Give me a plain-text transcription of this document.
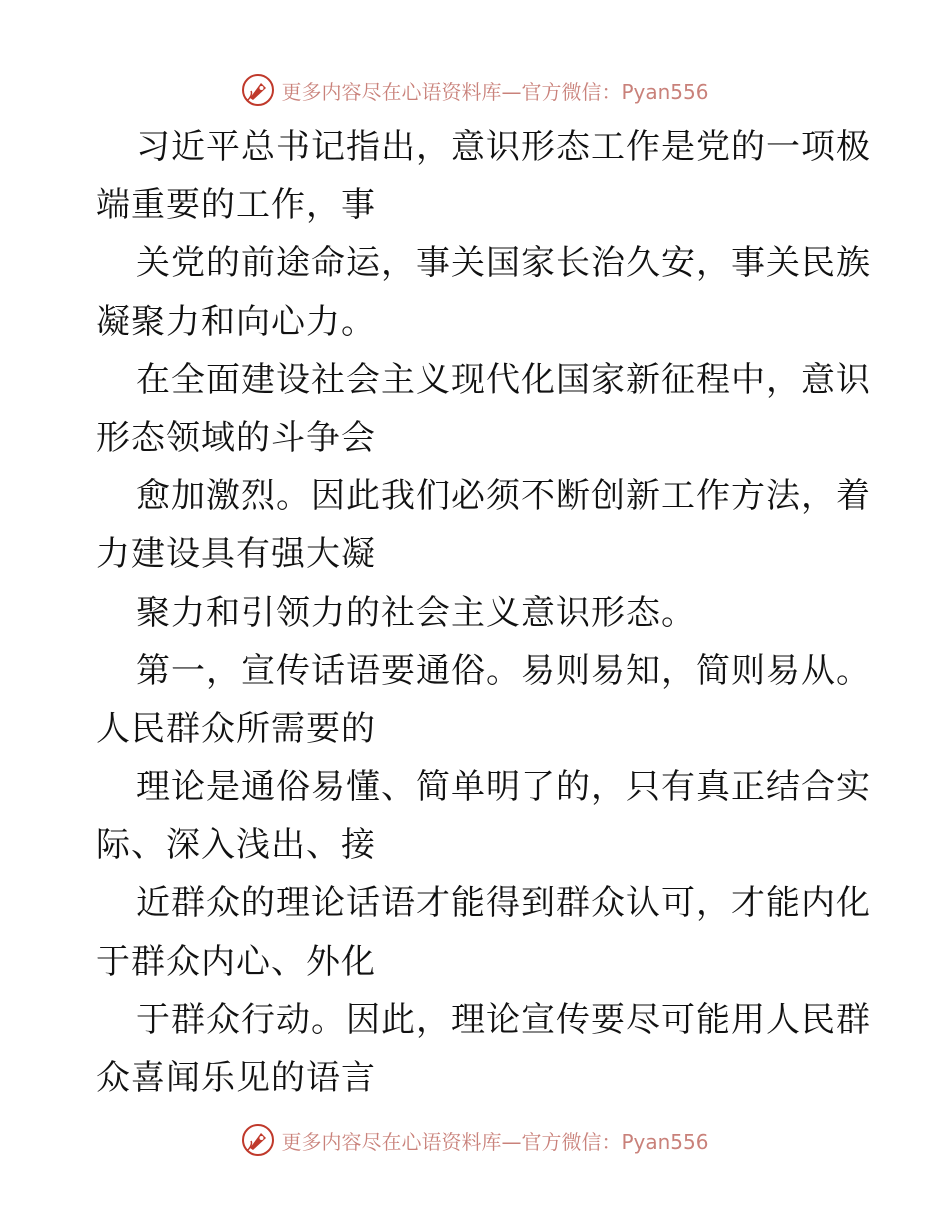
更多内容尽在心语资料库—官方微信：Pyan556
习近平总书记指出，意识形态工作是党的一项极
端重要的工作，事
关党的前途命运，事关国家长治久安，事关民族
凝聚力和向心力。
在全面建设社会主义现代化国家新征程中，意识
形态领域的斗争会
愈加激烈。因此我们必须不断创新工作方法，着
力建设具有强大凝
聚力和引领力的社会主义意识形态。
第一，宣传话语要通俗。易则易知，简则易从。
人民群众所需要的
理论是通俗易懂、简单明了的，只有真正结合实
际、深入浅出、接
近群众的理论话语才能得到群众认可，才能内化
于群众内心、外化
于群众行动。因此，理论宣传要尽可能用人民群
众喜闻乐见的语言
更多内容尽在心语资料库—官方微信：Pyan556
